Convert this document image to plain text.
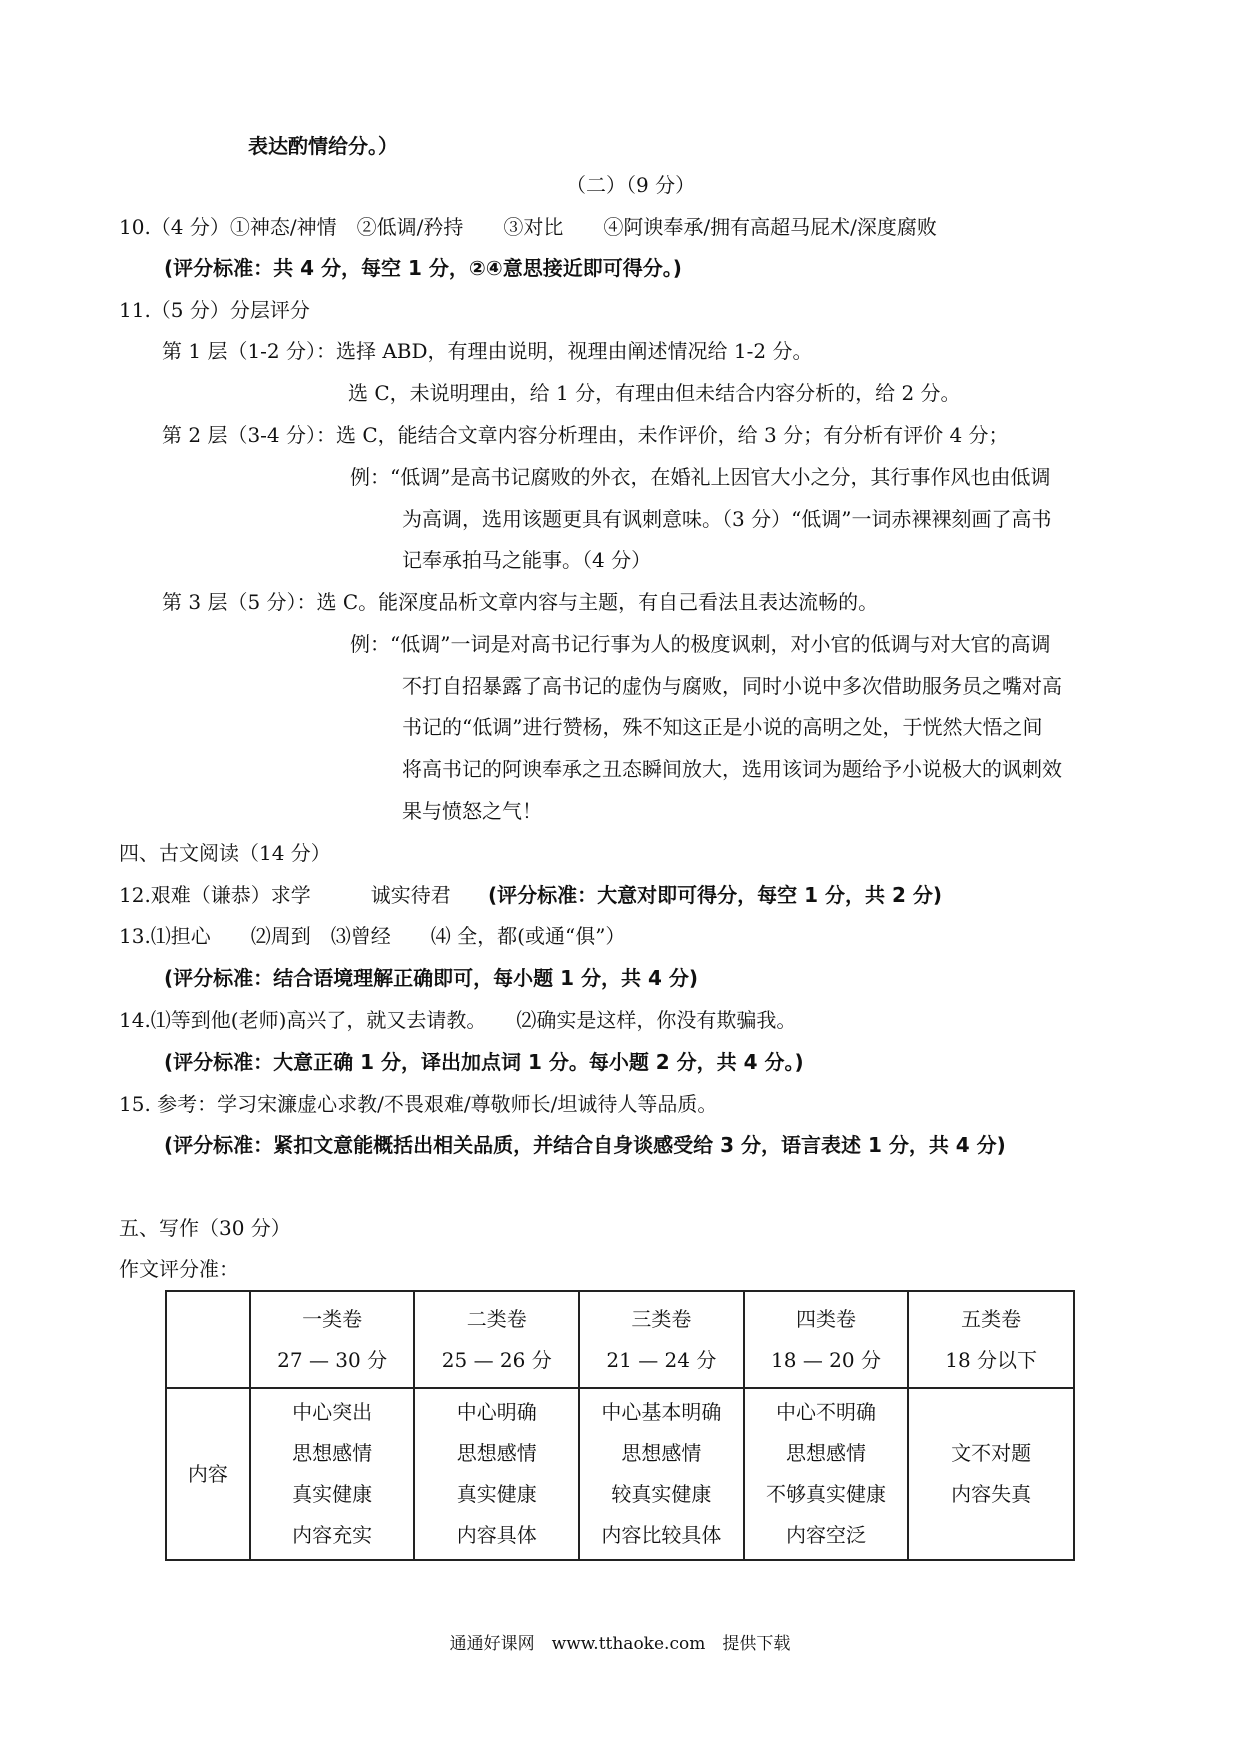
表达酌情给分。）
（二）（9 分）
10.（4 分）①神态/神情　②低调/矜持　　③对比　　④阿谀奉承/拥有高超马屁术/深度腐败
(评分标准：共 4 分，每空 1 分，②④意思接近即可得分。)
11.（5 分）分层评分
第 1 层（1-2 分）：选择 ABD，有理由说明，视理由阐述情况给 1-2 分。
选 C，未说明理由，给 1 分，有理由但未结合内容分析的，给 2 分。
第 2 层（3-4 分）：选 C，能结合文章内容分析理由，未作评价，给 3 分；有分析有评价 4 分；
例：“低调”是高书记腐败的外衣，在婚礼上因官大小之分，其行事作风也由低调
为高调，选用该题更具有讽刺意味。（3 分）“低调”一词赤裸裸刻画了高书
记奉承拍马之能事。（4 分）
第 3 层（5 分）：选 C。能深度品析文章内容与主题，有自己看法且表达流畅的。
例：“低调”一词是对高书记行事为人的极度讽刺，对小官的低调与对大官的高调
不打自招暴露了高书记的虚伪与腐败，同时小说中多次借助服务员之嘴对高
书记的“低调”进行赞杨，殊不知这正是小说的高明之处，于恍然大悟之间
将高书记的阿谀奉承之丑态瞬间放大，选用该词为题给予小说极大的讽刺效
果与愤怒之气！
四、古文阅读（14 分）
12.艰难（谦恭）求学　　　诚实待君 (评分标准：大意对即可得分，每空 1 分，共 2 分)
13.⑴担心　　⑵周到　⑶曾经　　⑷ 全，都(或通“俱”）
(评分标准：结合语境理解正确即可，每小题 1 分，共 4 分)
14.⑴等到他(老师)高兴了，就又去请教。　　⑵确实是这样，你没有欺骗我。
(评分标准：大意正确 1 分，译出加点词 1 分。每小题 2 分，共 4 分。)
15. 参考：学习宋濂虚心求教/不畏艰难/尊敬师长/坦诚待人等品质。
(评分标准：紧扣文意能概括出相关品质，并结合自身谈感受给 3 分，语言表述 1 分，共 4 分)
五、写作（30 分）
作文评分准：
	一类卷
27 — 30 分	二类卷
25 — 26 分	三类卷
21 — 24 分	四类卷
18 — 20 分	五类卷
18 分以下
内容	中心突出
思想感情
真实健康
内容充实	中心明确
思想感情
真实健康
内容具体	中心基本明确
思想感情
较真实健康
内容比较具体	中心不明确
思想感情
不够真实健康
内容空泛	文不对题
内容失真
通通好课网　www.tthaoke.com　提供下载
